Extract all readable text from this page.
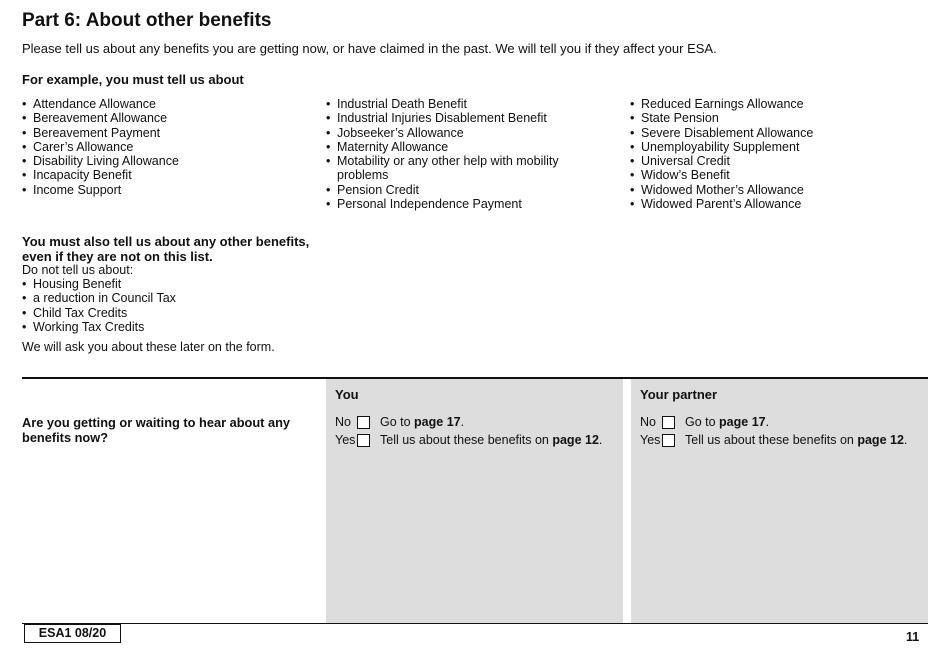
Part 6: About other benefits
Please tell us about any benefits you are getting now, or have claimed in the past. We will tell you if they affect your ESA.
For example, you must tell us about
• Attendance Allowance
• Bereavement Allowance
• Bereavement Payment
• Carer’s Allowance
• Disability Living Allowance
• Incapacity Benefit
• Income Support
• Industrial Death Benefit
• Industrial Injuries Disablement Benefit
• Jobseeker’s Allowance
• Maternity Allowance
• Motability or any other help with mobility problems
• Pension Credit
• Personal Independence Payment
• Reduced Earnings Allowance
• State Pension
• Severe Disablement Allowance
• Unemployability Supplement
• Universal Credit
• Widow’s Benefit
• Widowed Mother’s Allowance
• Widowed Parent’s Allowance
You must also tell us about any other benefits, even if they are not on this list.
Do not tell us about:
• Housing Benefit
• a reduction in Council Tax
• Child Tax Credits
• Working Tax Credits
We will ask you about these later on the form.
Are you getting or waiting to hear about any benefits now?
You
No	Go to page 17.
Yes Tell us about these benefits on page 12.
Your partner
No	Go to page 17.
Yes Tell us about these benefits on page 12.
ESA1 08/20	11
